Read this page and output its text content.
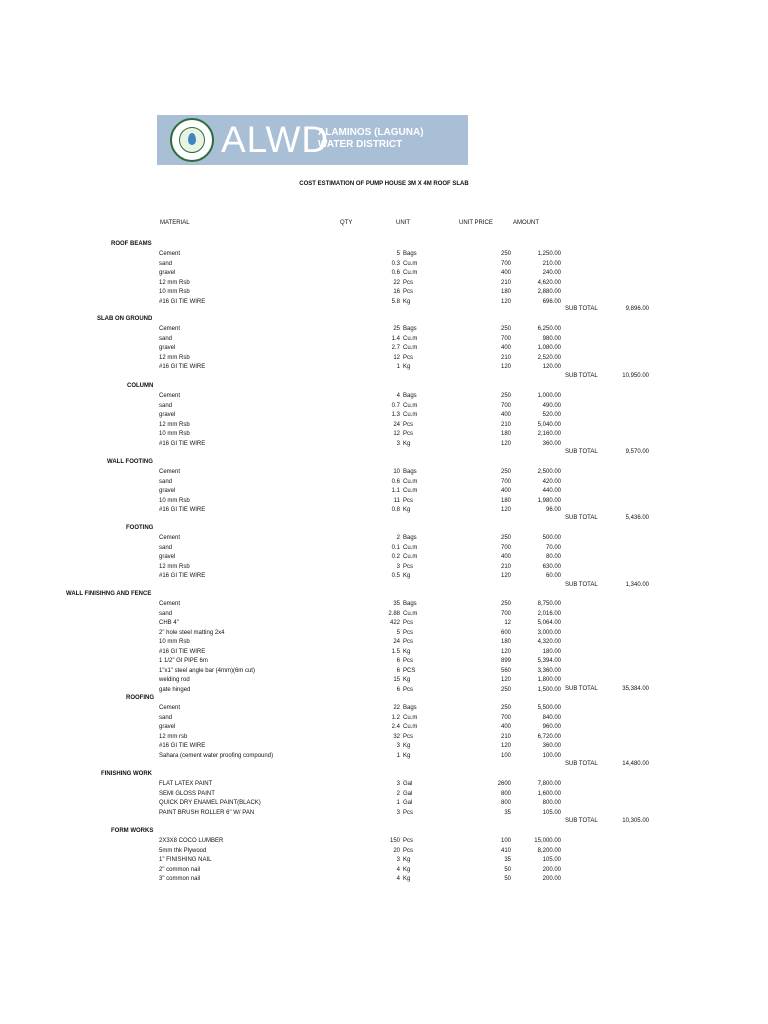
ALWD
ALAMINOS (LAGUNA)
WATER DISTRICT
COST ESTIMATION OF PUMP HOUSE 3M X 4M ROOF SLAB
MATERIAL	QTY	UNIT	UNIT PRICE	AMOUNT
ROOF BEAMS
Cement	5 Bags	250	1,250.00
sand	0.3 Cu.m	700	210.00
gravel	0.6 Cu.m	400	240.00
12 mm Rsb	22 Pcs	210	4,620.00
10 mm Rsb	16 Pcs	180	2,880.00
#16 GI TIE WIRE	5.8 Kg	120	696.00
SUB TOTAL	9,896.00
SLAB ON GROUND
Cement	25 Bags	250	6,250.00
sand	1.4 Cu.m	700	980.00
gravel	2.7 Cu.m	400	1,080.00
12 mm Rsb	12 Pcs	210	2,520.00
#16 GI TIE WIRE	1 Kg	120	120.00
SUB TOTAL	10,950.00
COLUMN
Cement	4 Bags	250	1,000.00
sand	0.7 Cu.m	700	490.00
gravel	1.3 Cu.m	400	520.00
12 mm Rsb	24 Pcs	210	5,040.00
10 mm Rsb	12 Pcs	180	2,160.00
#16 GI TIE WIRE	3 Kg	120	360.00
SUB TOTAL	9,570.00
WALL FOOTING
Cement	10 Bags	250	2,500.00
sand	0.6 Cu.m	700	420.00
gravel	1.1 Cu.m	400	440.00
10 mm Rsb	11 Pcs	180	1,980.00
#16 GI TIE WIRE	0.8 Kg	120	96.00
SUB TOTAL	5,436.00
FOOTING
Cement	2 Bags	250	500.00
sand	0.1 Cu.m	700	70.00
gravel	0.2 Cu.m	400	80.00
12 mm Rsb	3 Pcs	210	630.00
#16 GI TIE WIRE	0.5 Kg	120	60.00
SUB TOTAL	1,340.00
WALL FINISIHNG AND FENCE
Cement	35 Bags	250	8,750.00
sand	2.88 Cu.m	700	2,016.00
CHB 4"	422 Pcs	12	5,064.00
2" hole steel matting 2x4	5 Pcs	600	3,000.00
10 mm Rsb	24 Pcs	180	4,320.00
#16 GI TIE WIRE	1.5 Kg	120	180.00
1 1/2" GI PIPE 6m	6 Pcs	899	5,394.00
1"x1" steel angle bar (4mm)(6m cut)	6 PCS	560	3,360.00
welding rod	15 Kg	120	1,800.00
gate hinged	6 Pcs	250	1,500.00 SUB TOTAL	35,384.00
ROOFING
Cement	22 Bags	250	5,500.00
sand	1.2 Cu.m	700	840.00
gravel	2.4 Cu.m	400	960.00
12 mm rsb	32 Pcs	210	6,720.00
#16 GI TIE WIRE	3 Kg	120	360.00
Sahara (cement water proofing compound)	1 Kg	100	100.00
SUB TOTAL	14,480.00
FINISHING WORK
FLAT LATEX PAINT	3 Gal	2600	7,800.00
SEMI GLOSS PAINT	2 Gal	800	1,600.00
QUICK DRY ENAMEL PAINT(BLACK)	1 Gal	800	800.00
PAINT BRUSH ROLLER 6" W/ PAN	3 Pcs	35	105.00
SUB TOTAL	10,305.00
FORM WORKS
2X3X8 COCO LUMBER	150 Pcs	100	15,000.00
5mm thk Plywood	20 Pcs	410	8,200.00
1" FINISHING NAIL	3 Kg	35	105.00
2" common nail	4 Kg	50	200.00
3" common nail	4 Kg	50	200.00
